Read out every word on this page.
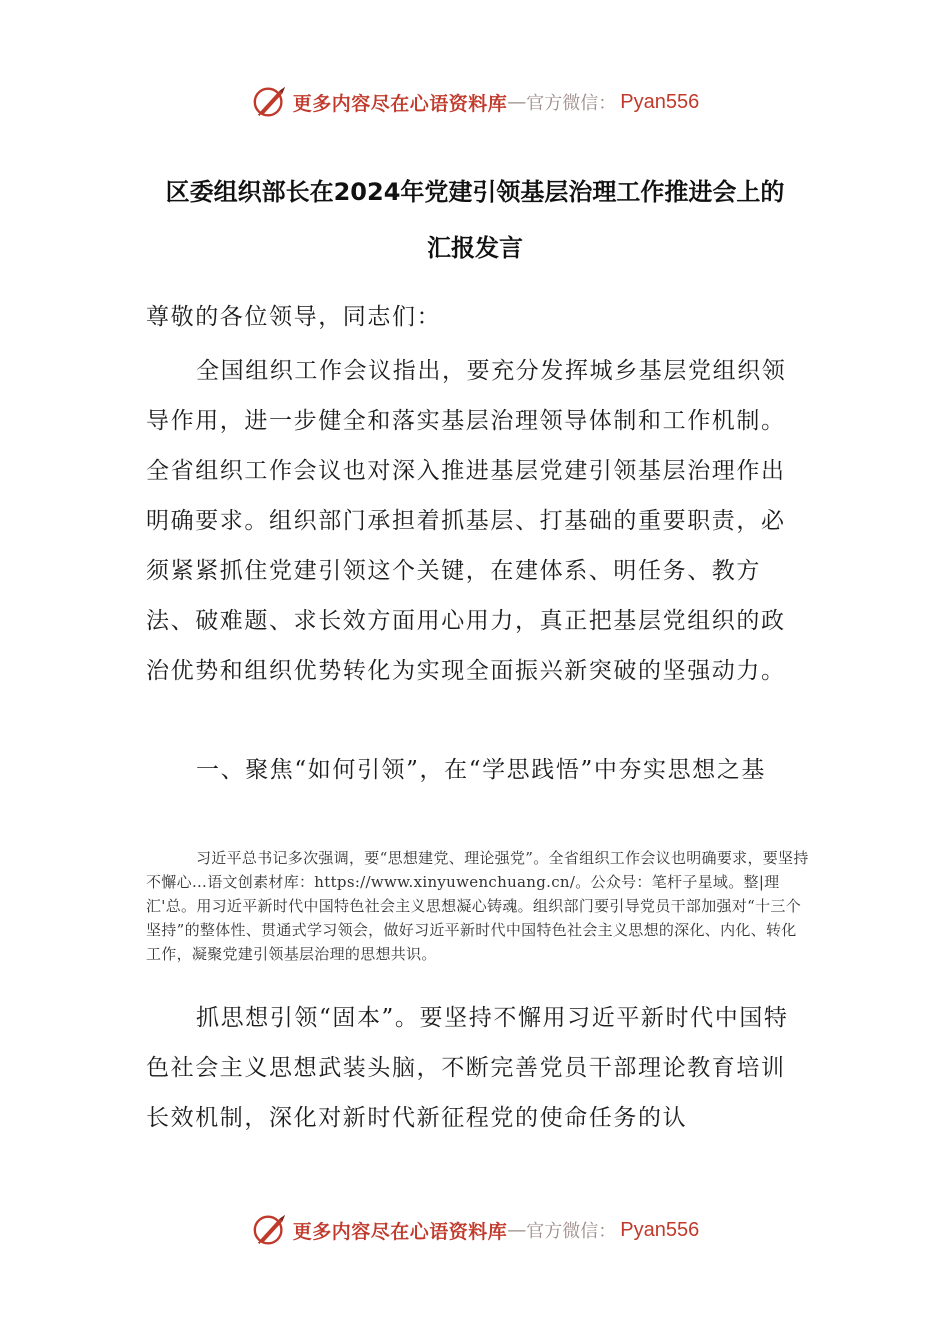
更多内容尽在心语资料库 — 官方微信： Pyan556
区委组织部长在2024年党建引领基层治理工作推进会上的
汇报发言
尊敬的各位领导，同志们：
全国组织工作会议指出，要充分发挥城乡基层党组织领导作用，进一步健全和落实基层治理领导体制和工作机制。全省组织工作会议也对深入推进基层党建引领基层治理作出明确要求。组织部门承担着抓基层、打基础的重要职责，必须紧紧抓住党建引领这个关键，在建体系、明任务、教方法、破难题、求长效方面用心用力，真正把基层党组织的政治优势和组织优势转化为实现全面振兴新突破的坚强动力。
一、聚焦“如何引领”，在“学思践悟”中夯实思想之基
习近平总书记多次强调，要“思想建党、理论强党”。全省组织工作会议也明确要求，要坚持不懈心…语文创素材库：https://www.xinyuwenchuang.cn/。公众号：笔杆子星域。整|理汇'总。用习近平新时代中国特色社会主义思想凝心铸魂。组织部门要引导党员干部加强对“十三个坚持”的整体性、贯通式学习领会，做好习近平新时代中国特色社会主义思想的深化、内化、转化工作，凝聚党建引领基层治理的思想共识。
抓思想引领“固本”。要坚持不懈用习近平新时代中国特色社会主义思想武装头脑，不断完善党员干部理论教育培训长效机制，深化对新时代新征程党的使命任务的认
更多内容尽在心语资料库 — 官方微信： Pyan556
